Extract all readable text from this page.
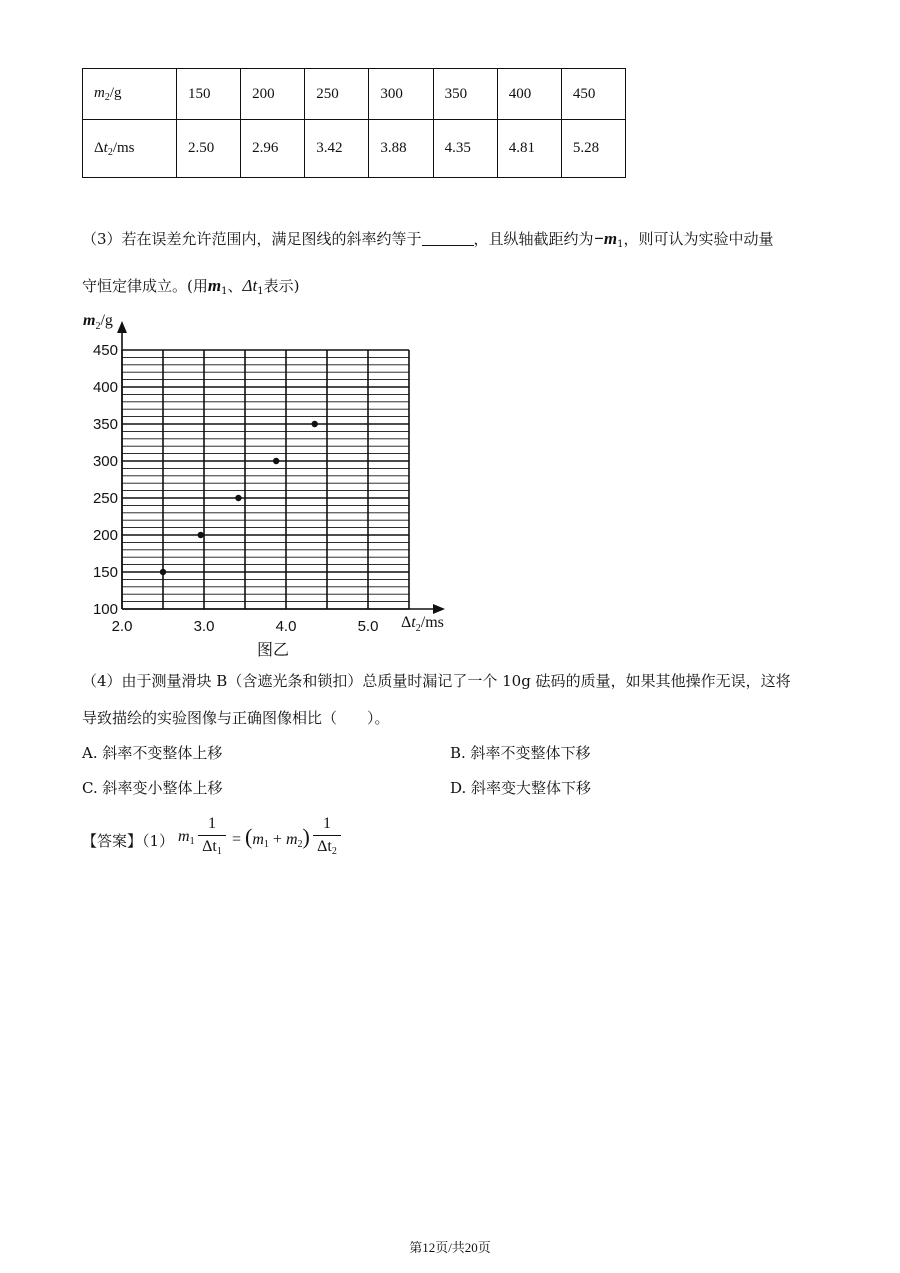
$m_2/g$	150	200	250	300	350	400	450
$\Delta t_2/ms$	2.50	2.96	3.42	3.88	4.35	4.81	5.28
（3）若在误差允许范围内，满足图线的斜率约等于	，且纵轴截距约为$-m_1$，则可认为实验中动量
守恒定律成立。(用$m_1$、$\Delta t_1$表示)
100
150
200
250
300
350
400
450
2.0	3.0	4.0	5.0
$m_2/g$
$\Delta t_2/ms$
图乙
（4）由于测量滑块 B（含遮光条和锁扣）总质量时漏记了一个 10g 砝码的质量，如果其他操作无误，这将
导致描绘的实验图像与正确图像相比（　　）。
A. 斜率不变整体上移	B. 斜率不变整体下移
C. 斜率变小整体上移	D. 斜率变大整体下移
【答案】（1） $m_1$
1
$\Delta t_1$
= $(m_1 + m_2)$
1
$\Delta t_2$
第12页/共20页
